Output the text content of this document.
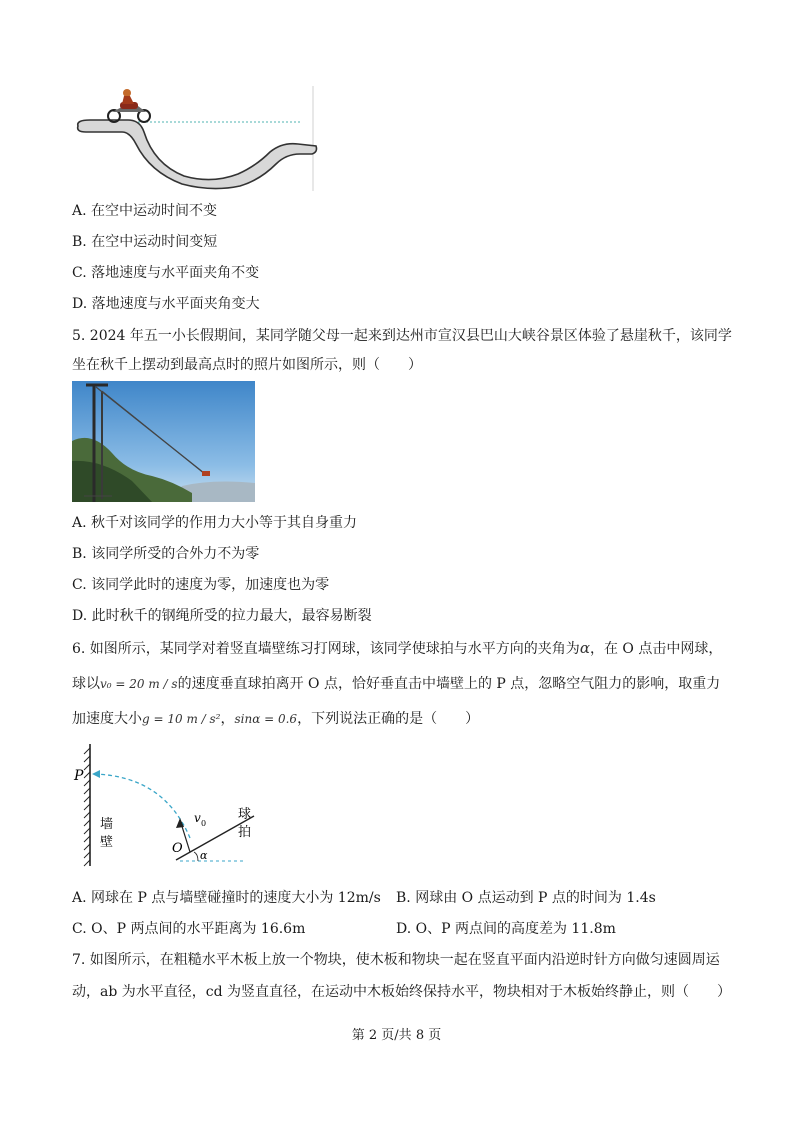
A. 在空中运动时间不变
B. 在空中运动时间变短
C. 落地速度与水平面夹角不变
D. 落地速度与水平面夹角变大
5. 2024 年五一小长假期间，某同学随父母一起来到达州市宣汉县巴山大峡谷景区体验了悬崖秋千，该同学
坐在秋千上摆动到最高点时的照片如图所示，则（　　）
A. 秋千对该同学的作用力大小等于其自身重力
B. 该同学所受的合外力不为零
C. 该同学此时的速度为零，加速度也为零
D. 此时秋千的钢绳所受的拉力最大，最容易断裂
6. 如图所示，某同学对着竖直墙壁练习打网球，该同学使球拍与水平方向的夹角为α，在 O 点击中网球，
球以v₀ = 20 m / s的速度垂直球拍离开 O 点，恰好垂直击中墙壁上的 P 点，忽略空气阻力的影响，取重力
加速度大小g = 10 m / s²，sinα = 0.6，下列说法正确的是（　　）
P
墙
壁
球
拍
O
v 0
α
A. 网球在 P 点与墙壁碰撞时的速度大小为 12m/s B. 网球由 O 点运动到 P 点的时间为 1.4s
C. O、P 两点间的水平距离为 16.6m	D. O、P 两点间的高度差为 11.8m
7. 如图所示，在粗糙水平木板上放一个物块，使木板和物块一起在竖直平面内沿逆时针方向做匀速圆周运
动，ab 为水平直径，cd 为竖直直径，在运动中木板始终保持水平，物块相对于木板始终静止，则（　　）
第 2 页/共 8 页
